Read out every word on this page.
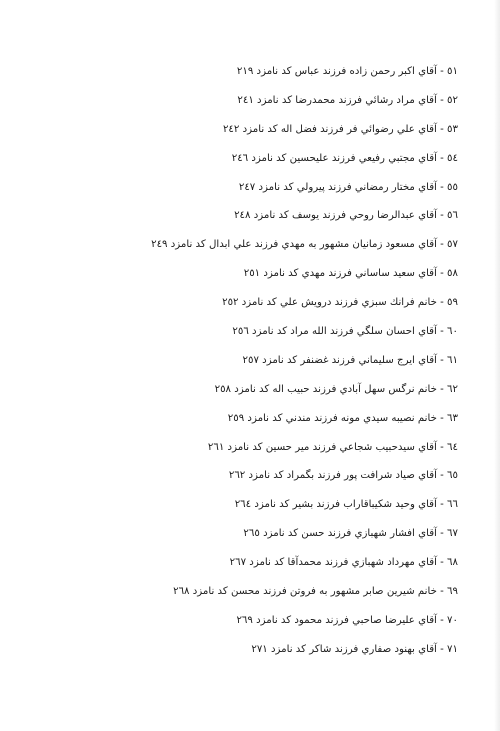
٥١ - آقاي اكبر رحمن زاده فرزند عباس كد نامزد ٢١٩
٥٢ - آقاي مراد رشائي فرزند محمدرضا كد نامزد ٢٤١
٥٣ - آقاي علي رضوائي فر فرزند فضل اله كد نامزد ٢٤٢
٥٤ - آقاي مجتبي رفيعي فرزند عليحسين كد نامزد ٢٤٦
٥٥ - آقاي مختار رمضاني فرزند پيرولي كد نامزد ٢٤٧
٥٦ - آقاي عبدالرضا روحي فرزند يوسف كد نامزد ٢٤٨
٥٧ - آقاي مسعود زمانيان مشهور به مهدي فرزند علي ابدال كد نامزد ٢٤٩
٥٨ - آقاي سعيد ساساني فرزند مهدي كد نامزد ٢٥١
٥٩ - خانم فرانك سبزي فرزند درويش علي كد نامزد ٢٥٢
٦٠ - آقاي احسان سلگي فرزند الله مراد كد نامزد ٢٥٦
٦١ - آقاي ايرج سليماني فرزند غضنفر كد نامزد ٢٥٧
٦٢ - خانم نرگس سهل آبادي فرزند حبيب اله كد نامزد ٢٥٨
٦٣ - خانم نصيبه سيدي مونه فرزند مندني كد نامزد ٢٥٩
٦٤ - آقاي سيدحبيب شجاعي فرزند مير حسين كد نامزد ٢٦١
٦٥ - آقاي صياد شرافت پور فرزند بگمراد كد نامزد ٢٦٢
٦٦ - آقاي وحيد شكيباقاراب فرزند بشير كد نامزد ٢٦٤
٦٧ - آقاي افشار شهبازي فرزند حسن كد نامزد ٢٦٥
٦٨ - آقاي مهرداد شهبازي فرزند محمدآقا كد نامزد ٢٦٧
٦٩ - خانم شيرين صابر مشهور به فروتن فرزند محسن كد نامزد ٢٦٨
٧٠ - آقاي عليرضا صاحبي فرزند محمود كد نامزد ٢٦٩
٧١ - آقاي بهنود صفاري فرزند شاكر كد نامزد ٢٧١
